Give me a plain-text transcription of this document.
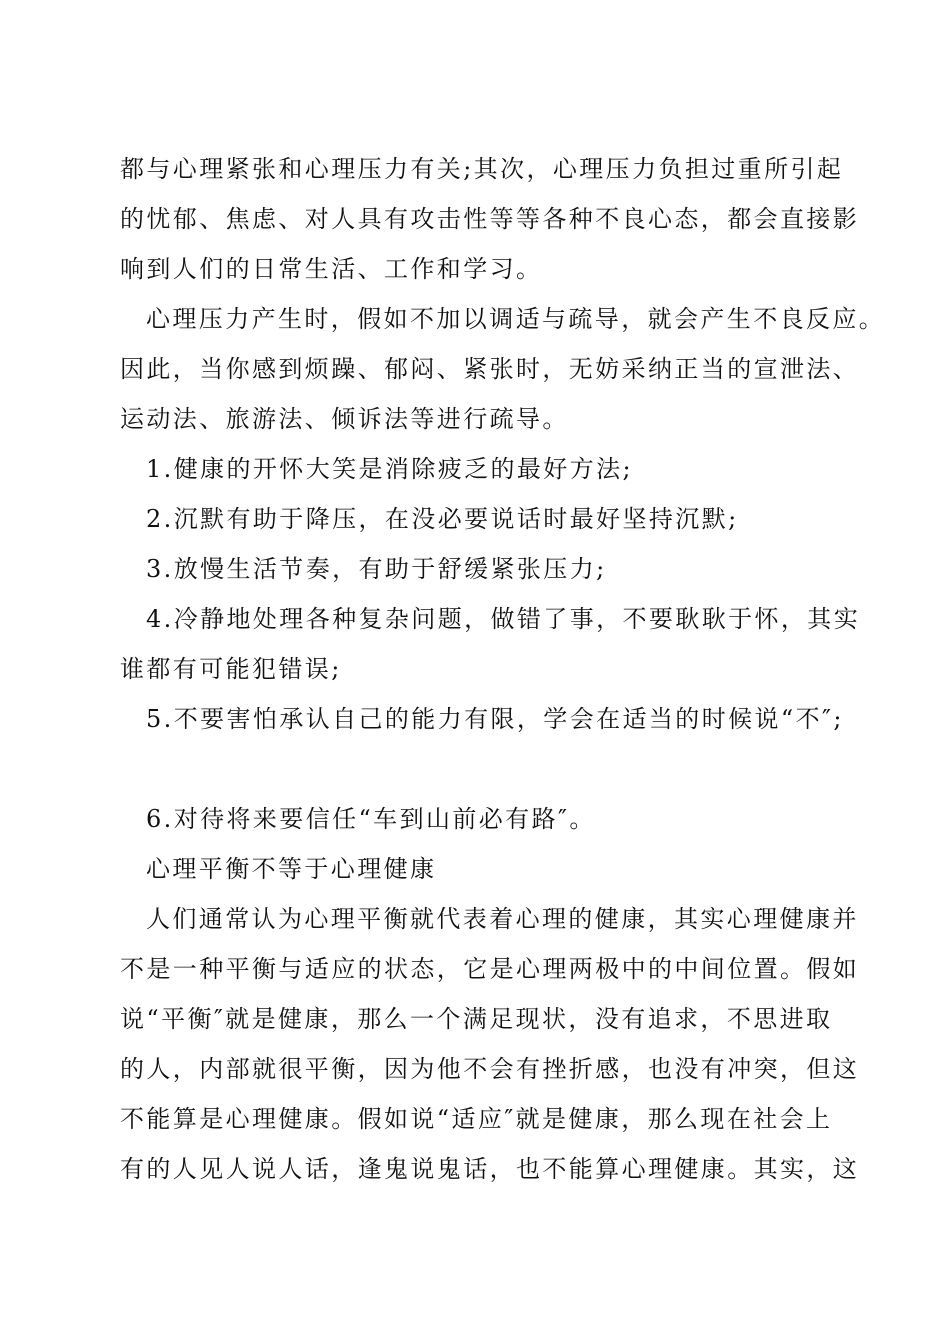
都与心理紧张和心理压力有关;其次，心理压力负担过重所引起
的忧郁、焦虑、对人具有攻击性等等各种不良心态，都会直接影
响到人们的日常生活、工作和学习。
心理压力产生时，假如不加以调适与疏导，就会产生不良反应。
因此，当你感到烦躁、郁闷、紧张时，无妨采纳正当的宣泄法、
运动法、旅游法、倾诉法等进行疏导。
1.健康的开怀大笑是消除疲乏的最好方法;
2.沉默有助于降压，在没必要说话时最好坚持沉默;
3.放慢生活节奏，有助于舒缓紧张压力;
4.冷静地处理各种复杂问题，做错了事，不要耿耿于怀，其实
谁都有可能犯错误;
5.不要害怕承认自己的能力有限，学会在适当的时候说“不″;
6.对待将来要信任“车到山前必有路″。
心理平衡不等于心理健康
人们通常认为心理平衡就代表着心理的健康，其实心理健康并
不是一种平衡与适应的状态，它是心理两极中的中间位置。假如
说“平衡″就是健康，那么一个满足现状，没有追求，不思进取
的人，内部就很平衡，因为他不会有挫折感，也没有冲突，但这
不能算是心理健康。假如说“适应″就是健康，那么现在社会上
有的人见人说人话，逢鬼说鬼话，也不能算心理健康。其实，这
